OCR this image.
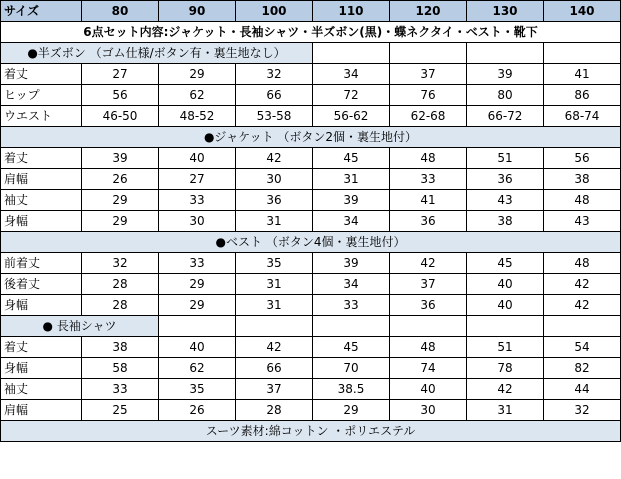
サイズ	80	90	100	110	120	130	140
6点セット内容:ジャケット・長袖シャツ・半ズボン(黒)・蝶ネクタイ・ベスト・靴下							
●半ズボン （ゴム仕様/ボタン有・裏生地なし）							
着丈	27	29	32	34	37	39	41
ヒップ	56	62	66	72	76	80	86
ウエスト	46-50	48-52	53-58	56-62	62-68	66-72	68-74
●ジャケット （ボタン2個・裏生地付）							
着丈	39	40	42	45	48	51	56
肩幅	26	27	30	31	33	36	38
袖丈	29	33	36	39	41	43	48
身幅	29	30	31	34	36	38	43
●ベスト （ボタン4個・裏生地付）							
前着丈	32	33	35	39	42	45	48
後着丈	28	29	31	34	37	40	42
身幅	28	29	31	33	36	40	42
● 長袖シャツ							
着丈	38	40	42	45	48	51	54
身幅	58	62	66	70	74	78	82
袖丈	33	35	37	38.5	40	42	44
肩幅	25	26	28	29	30	31	32
スーツ素材:綿コットン ・ポリエステル							
